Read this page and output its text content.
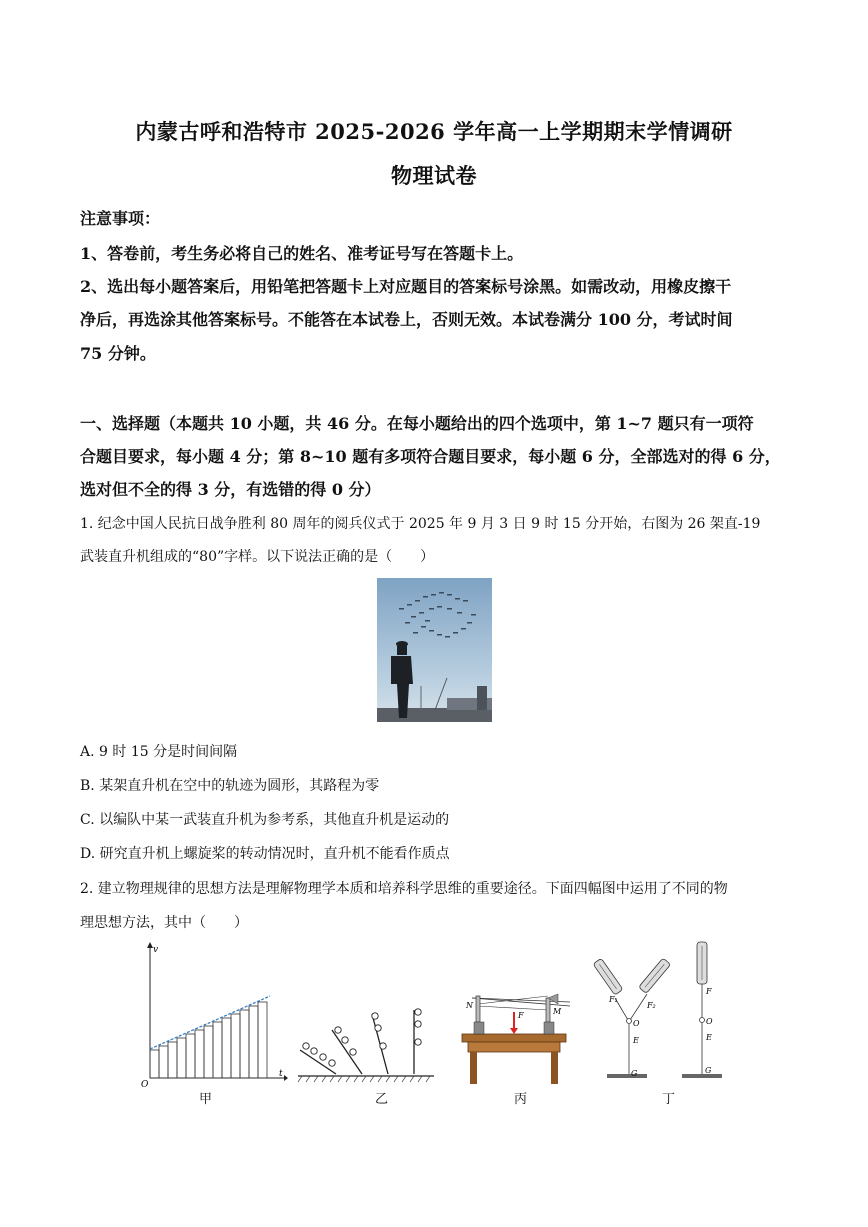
内蒙古呼和浩特市 2025-2026 学年高一上学期期末学情调研
物理试卷
注意事项：
1、答卷前，考生务必将自己的姓名、准考证号写在答题卡上。
2、选出每小题答案后，用铅笔把答题卡上对应题目的答案标号涂黑。如需改动，用橡皮擦干
净后，再选涂其他答案标号。不能答在本试卷上，否则无效。本试卷满分 100 分，考试时间
75 分钟。
一、选择题（本题共 10 小题，共 46 分。在每小题给出的四个选项中，第 1~7 题只有一项符
合题目要求，每小题 4 分；第 8~10 题有多项符合题目要求，每小题 6 分，全部选对的得 6 分，
选对但不全的得 3 分，有选错的得 0 分）
1. 纪念中国人民抗日战争胜利 80 周年的阅兵仪式于 2025 年 9 月 3 日 9 时 15 分开始，右图为 26 架直-19
武装直升机组成的“80”字样。以下说法正确的是（　　）
A. 9 时 15 分是时间间隔
B. 某架直升机在空中的轨迹为圆形，其路程为零
C. 以编队中某一武装直升机为参考系，其他直升机是运动的
D. 研究直升机上螺旋桨的转动情况时，直升机不能看作质点
2. 建立物理规律的思想方法是理解物理学本质和培养科学思维的重要途径。下面四幅图中运用了不同的物
理思想方法，其中（　　）
v
t
O
甲	乙
N
F	M
丙
F₁
F₂
O
E
G
F
O
E
G
丁
